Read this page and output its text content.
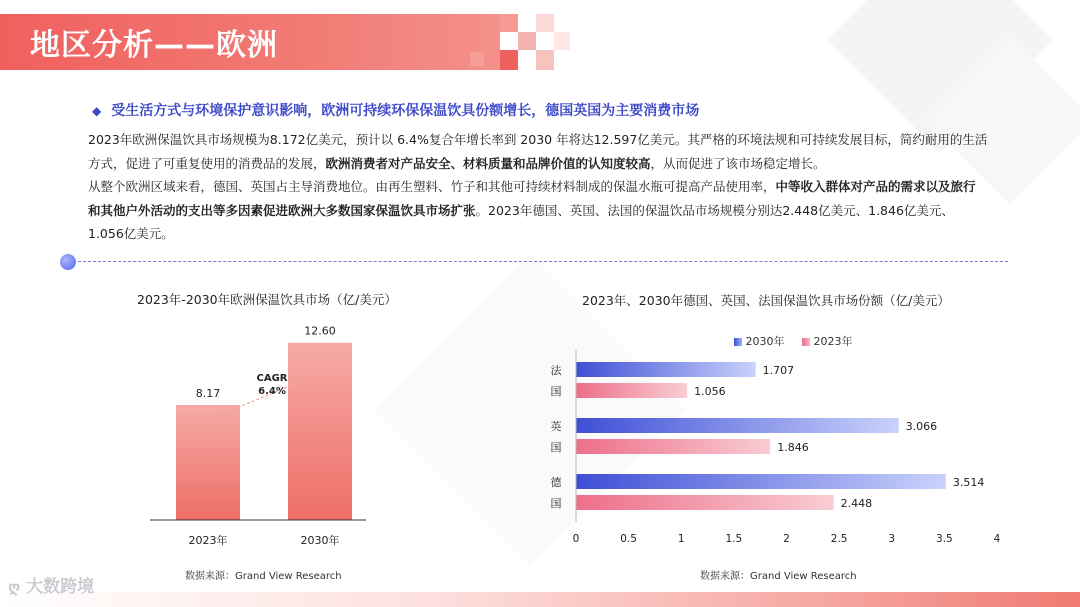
地区分析——欧洲
◆ 受生活方式与环境保护意识影响，欧洲可持续环保保温饮具份额增长，德国英国为主要消费市场
2023年欧洲保温饮具市场规模为8.172亿美元，预计以 6.4%复合年增长率到 2030 年将达12.597亿美元。其严格的环境法规和可持续发展目标，简约耐用的生活方式，促进了可重复使用的消费品的发展，欧洲消费者对产品安全、材料质量和品牌价值的认知度较高，从而促进了该市场稳定增长。
从整个欧洲区域来看，德国、英国占主导消费地位。由再生塑料、竹子和其他可持续材料制成的保温水瓶可提高产品使用率，中等收入群体对产品的需求以及旅行和其他户外活动的支出等多因素促进欧洲大多数国家保温饮具市场扩张。2023年德国、英国、法国的保温饮品市场规模分别达2.448亿美元、1.846亿美元、1.056亿美元。
2023年-2030年欧洲保温饮具市场（亿/美元）
8.17
2023年
12.60
2030年
CAGR
6.4%
数据来源：Grand View Research
2023年、2030年德国、英国、法国保温饮具市场份额（亿/美元）
2030年	2023年
1.707
法
1.056
国
3.066
英
1.846
国
3.514
德
2.448
国
0	0.5	1	1.5	2	2.5	3	3.5	4
数据来源：Grand View Research
ღ 大数跨境
